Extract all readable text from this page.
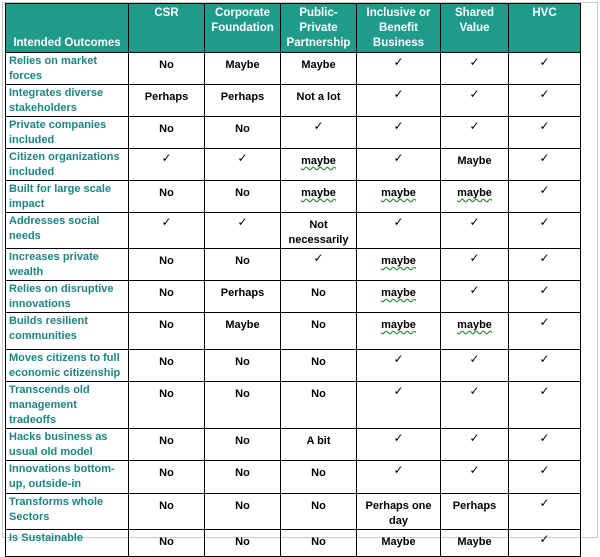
Intended Outcomes	CSR	Corporate Foundation	Public-Private Partnership	Inclusive or Benefit Business	Shared Value	HVC
Relies on market forces	No	Maybe	Maybe	✓	✓	✓
Integrates diverse stakeholders	Perhaps	Perhaps	Not a lot	✓	✓	✓
Private companies included	No	No	✓	✓	✓	✓
Citizen organizations included	✓	✓	maybe	✓	Maybe	✓
Built for large scale impact	No	No	maybe	maybe	maybe	✓
Addresses social needs	✓	✓	Not necessarily	✓	✓	✓
Increases private wealth	No	No	✓	maybe	✓	✓
Relies on disruptive innovations	No	Perhaps	No	maybe	✓	✓
Builds resilient communities	No	Maybe	No	maybe	maybe	✓
Moves citizens to full economic citizenship	No	No	No	✓	✓	✓
Transcends old management tradeoffs	No	No	No	✓	✓	✓
Hacks business as usual old model	No	No	A bit	✓	✓	✓
Innovations bottom-up, outside-in	No	No	No	✓	✓	✓
Transforms whole Sectors	No	No	No	Perhaps one day	Perhaps	✓
Is Sustainable	No	No	No	Maybe	Maybe	✓
